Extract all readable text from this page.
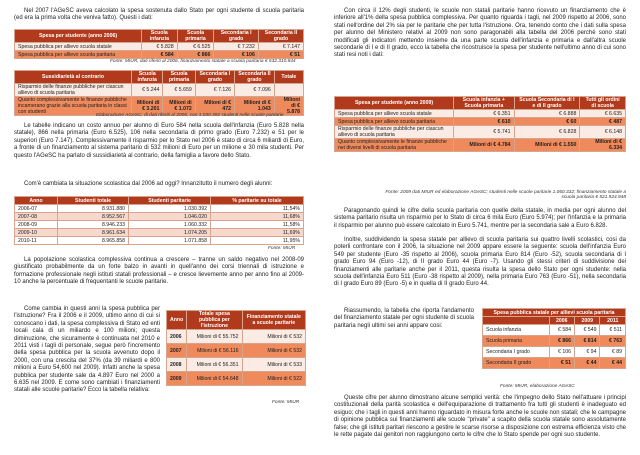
Nel 2007 l'AGeSC aveva calcolato la spesa sostenuta dallo Stato per ogni studente di scuola paritaria (ed era la prima volta che veniva fatto). Questi i dati:

Spesa per studente (anno 2006)	Scuola infanzia	Scuola primaria	Secondaria I grado	Secondaria II grado
Spesa pubblica per allievo scuola statale	€ 5.828	€ 6.525	€ 7.232	€ 7.147
Spesa pubblica per allievo scuola paritaria	€ 584	€ 866	€ 106	€ 51
Fonte: MIUR, dati riferiti al 2006, finanziamento statale a scuola paritaria € 532.310.844
Sussidiarietà al contrario	Scuola infanzia	Scuola primaria	Secondaria I grado	Secondaria II grado	Totale
Risparmio delle finanze pubbliche per ciascun allievo di scuola paritaria	€ 5.244	€ 5.659	€ 7.126	€ 7.096	
Quanto complessivamente le finanze pubbliche incamerano grazie alla scuola paritaria in classi con studenti	Milioni di € 3.201	Milioni di € 1.072	Milioni di € 472	Milioni di € 1.043	Milioni di € 5.878
Elaborazione AGeSC, di dati riferiti al 2006, con 1.030.392 studenti nelle scuole paritarie

Le tabelle indicano un costo annuo per alunno di Euro 584 nella scuola dell'infanzia (Euro 5.828 nella statale), 866 nella primaria (Euro 6.525), 106 nella secondaria di primo grado (Euro 7.232) e 51 per le superiori (Euro 7.147). Complessivamente il risparmio per lo Stato nel 2006 è stato di circa 6 miliardi di Euro, a fronte di un finanziamento al sistema paritario di 532 milioni di Euro per un milione e 30 mila studenti. Per questo l'AGeSC ha parlato di sussidiarietà al contrario, della famiglia a favore dello Stato.

Com'è cambiata la situazione scolastica dal 2006 ad oggi? Innanzitutto il numero degli alunni:

Anno	Studenti totale	Studenti paritarie	% paritarie su totale
2006-07	8.931.880	1.030.392	11,54%
2007-08	8.952.567	1.046.020	11,68%
2008-09	8.946.233	1.060.332	11,58%
2009-10	8.961.634	1.074.205	11,69%
2010-11	8.965.858	1.071.858	11,95%
Fonte: MIUR

La popolazione scolastica complessiva continua a crescere – tranne un saldo negativo nel 2008-09 giustificato probabilmente da un forte balzo in avanti in quell'anno dei corsi triennali di istruzione e formazione professionale negli istituti statali professionali – e cresce lievemente anno per anno fino al 2009-10 anche la percentuale di frequentanti le scuole paritarie.

Come cambia in questi anni la spesa pubblica per l'istruzione? Fra il 2006 e il 2009, ultimo anno di cui si conoscano i dati, la spesa complessiva di Stato ed enti locali cala di un miliardo e 100 milioni; questa diminuzione, che sicuramente è continuata nel 2010 e 2011 visti i tagli di personale, segue però l'incremento della spesa pubblica per la scuola avvenuto dopo il 2000, con una crescita del 37% (da 39 miliardi e 800 milioni a Euro 54,600 nel 2009). Infatti anche la spesa pubblica per studente sale da 4.897 Euro nel 2000 a 6.635 nel 2009. E come sono cambiati i finanziamenti statali alle scuole paritarie? Ecco la tabella relativa:

Anno	Totale spesa pubblica per l'istruzione	Finanziamento statale a scuole paritarie
2006	Milioni di € 55.752	Milioni di € 532
2007	Milioni di € 56.116	Milioni di € 532
2008	Milioni di € 56.351	Milioni di € 533
2009	Milioni di € 54.648	Milioni di € 522
Fonte: MIUR

Con circa il 12% degli studenti, le scuole non statali paritarie hanno ricevuto un finanziamento che è inferiore all'1% della spesa pubblica complessiva. Per quanto riguarda i tagli, nel 2009 rispetto al 2006, sono stati nell'ordine del 2% sia per le paritarie che per tutta l'istruzione. Ora, tenendo conto che i dati sulla spesa per alunno del Ministero relativi al 2009 non sono paragonabili alla tabella del 2006 perché sono stati modificati gli indicatori mettendo insieme da una parte scuola dell'infanzia e primaria e dall'altra scuole secondarie di I e di II grado, ecco la tabella che ricostruisce la spesa per studente nell'ultimo anno di cui sono stati resi noti i dati:

Spesa per studente (anno 2009)	Scuola infanzia + Scuola primaria	Scuola Secondaria di I e di II grado	Tutti gli ordini di scuola
Spesa pubblica per allievo scuola statale	€ 6.351	€ 6.888	€ 6.635
Spesa pubblica per allievo scuola paritaria	€ 610	€ 60	€ 487
Risparmio delle finanze pubbliche per ciascun allievo di scuola paritaria	€ 5.741	€ 6.828	€ 6.148
Quanto complessivamente le finanze pubbliche nei diversi livelli di scuola paritaria	Milioni di € 4.784	Milioni di € 1.550	Milioni di € 6.334
Fonte: 2009 dati MIUR ed elaborazione AGeSC; studenti nelle scuole paritarie 1.060.332; finanziamento statale a scuola paritaria € 521.924.948

Paragonando quindi le cifre della scuola paritaria con quelle della statale, in media per ogni alunno del sistema paritario risulta un risparmio per lo Stato di circa 6 mila Euro (Euro 5.974); per l'infanzia e la primaria il risparmio per alunno può essere calcolato in Euro 5.741, mentre per la secondaria sale a Euro 6.828.

Inoltre, suddividendo la spesa statale per allievo di scuola paritaria sui quattro livelli scolastici, cosi da poterli confrontare con il 2006, la situazione nel 2009 appare essere la seguente: scuola dell'infanzia Euro 549 per studente (Euro -35 rispetto al 2006), scuola primaria Euro 814 (Euro -52), scuola secondaria di I grado Euro 94 (Euro -12), di II grado Euro 44 (Euro -7). Usando gli stessi criteri di suddivisione dei finanziamenti alle paritarie anche per il 2011, questa risulta la spesa dello Stato per ogni studente: nella scuola dell'infanzia Euro 511 (Euro -38 rispetto al 2009), nella primaria Euro 763 (Euro -51), nella secondaria di I grado Euro 89 (Euro -5) e in quella di II grado Euro 44.

Riassumendo, la tabella che riporta l'andamento del finanziamento statale per ogni studente di scuola paritaria negli ultimi sei anni appare cosi:

Spesa pubblica statale per allievi scuola paritaria			
	2006	2009	2011
Scuola infanzia	€ 584	€ 549	€ 511
Scuola primaria	€ 866	€ 814	€ 763
Secondaria I grado	€ 106	€ 94	€ 89
Secondaria II grado	€ 51	€ 44	€ 44
Fonte: MIUR, elaborazione AGeSC

Queste cifre per alunno dimostrano alcune semplici verità: che l'impegno dello Stato nell'attuare i principi costituzionali della parità scolastica e dell'equiparazione di trattamento fra tutti gli studenti è inadeguato ed esiguo; che i tagli in questi anni hanno riguardato in misura forte anche le scuole non statali; che le campagne di opinione pubblica sui finanziamenti alle scuole "private" a scapito della scuola statale sono assolutamente false; che gli istituti paritari riescono a gestire le scarse risorse a disposizione con estrema efficienza visto che le rette pagate dai genitori non raggiungono certo le cifre che lo Stato spende per ogni suo studente.
